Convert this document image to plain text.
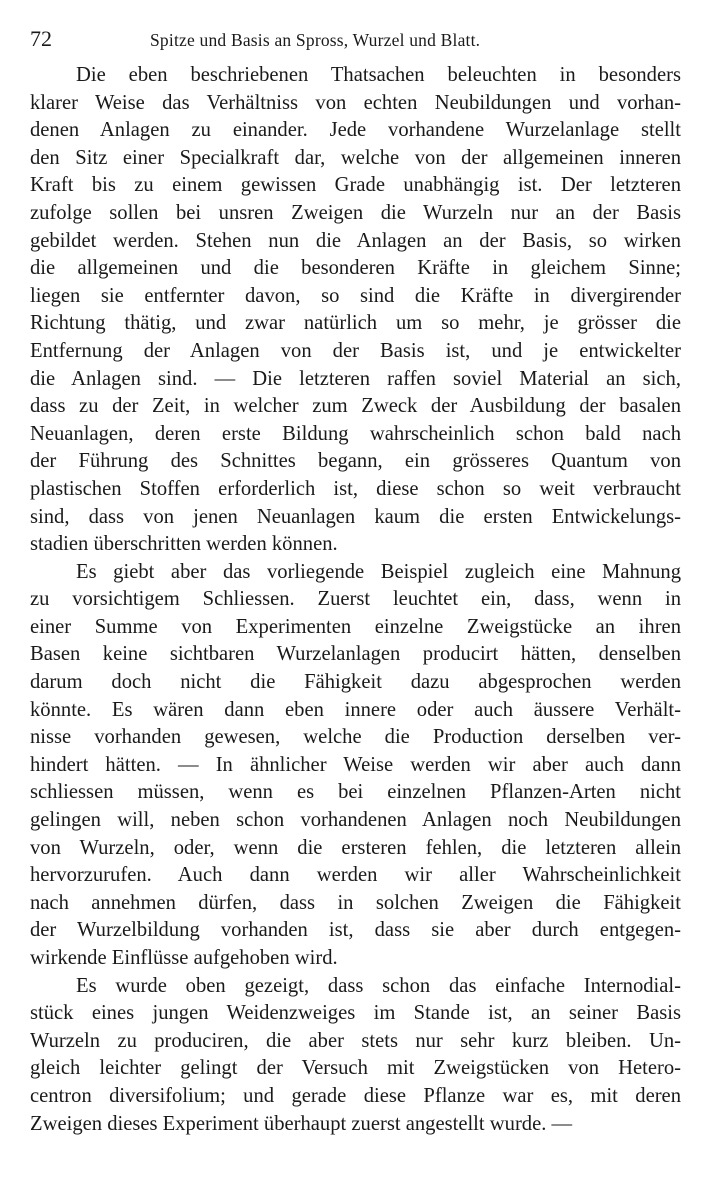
72	Spitze und Basis an Spross, Wurzel und Blatt.
Die eben beschriebenen Thatsachen beleuchten in besonders
klarer Weise das Verhältniss von echten Neubildungen und vorhan-
denen Anlagen zu einander. Jede vorhandene Wurzelanlage stellt
den Sitz einer Specialkraft dar, welche von der allgemeinen inneren
Kraft bis zu einem gewissen Grade unabhängig ist. Der letzteren
zufolge sollen bei unsren Zweigen die Wurzeln nur an der Basis
gebildet werden. Stehen nun die Anlagen an der Basis, so wirken
die allgemeinen und die besonderen Kräfte in gleichem Sinne;
liegen sie entfernter davon, so sind die Kräfte in divergirender
Richtung thätig, und zwar natürlich um so mehr, je grösser die
Entfernung der Anlagen von der Basis ist, und je entwickelter
die Anlagen sind. — Die letzteren raffen soviel Material an sich,
dass zu der Zeit, in welcher zum Zweck der Ausbildung der basalen
Neuanlagen, deren erste Bildung wahrscheinlich schon bald nach
der Führung des Schnittes begann, ein grösseres Quantum von
plastischen Stoffen erforderlich ist, diese schon so weit verbraucht
sind, dass von jenen Neuanlagen kaum die ersten Entwickelungs-
stadien überschritten werden können.
Es giebt aber das vorliegende Beispiel zugleich eine Mahnung
zu vorsichtigem Schliessen. Zuerst leuchtet ein, dass, wenn in
einer Summe von Experimenten einzelne Zweigstücke an ihren
Basen keine sichtbaren Wurzelanlagen producirt hätten, denselben
darum doch nicht die Fähigkeit dazu abgesprochen werden
könnte. Es wären dann eben innere oder auch äussere Verhält-
nisse vorhanden gewesen, welche die Production derselben ver-
hindert hätten. — In ähnlicher Weise werden wir aber auch dann
schliessen müssen, wenn es bei einzelnen Pflanzen-Arten nicht
gelingen will, neben schon vorhandenen Anlagen noch Neubildungen
von Wurzeln, oder, wenn die ersteren fehlen, die letzteren allein
hervorzurufen. Auch dann werden wir aller Wahrscheinlichkeit
nach annehmen dürfen, dass in solchen Zweigen die Fähigkeit
der Wurzelbildung vorhanden ist, dass sie aber durch entgegen-
wirkende Einflüsse aufgehoben wird.
Es wurde oben gezeigt, dass schon das einfache Internodial-
stück eines jungen Weidenzweiges im Stande ist, an seiner Basis
Wurzeln zu produciren, die aber stets nur sehr kurz bleiben. Un-
gleich leichter gelingt der Versuch mit Zweigstücken von Hetero-
centron diversifolium; und gerade diese Pflanze war es, mit deren
Zweigen dieses Experiment überhaupt zuerst angestellt wurde. —
